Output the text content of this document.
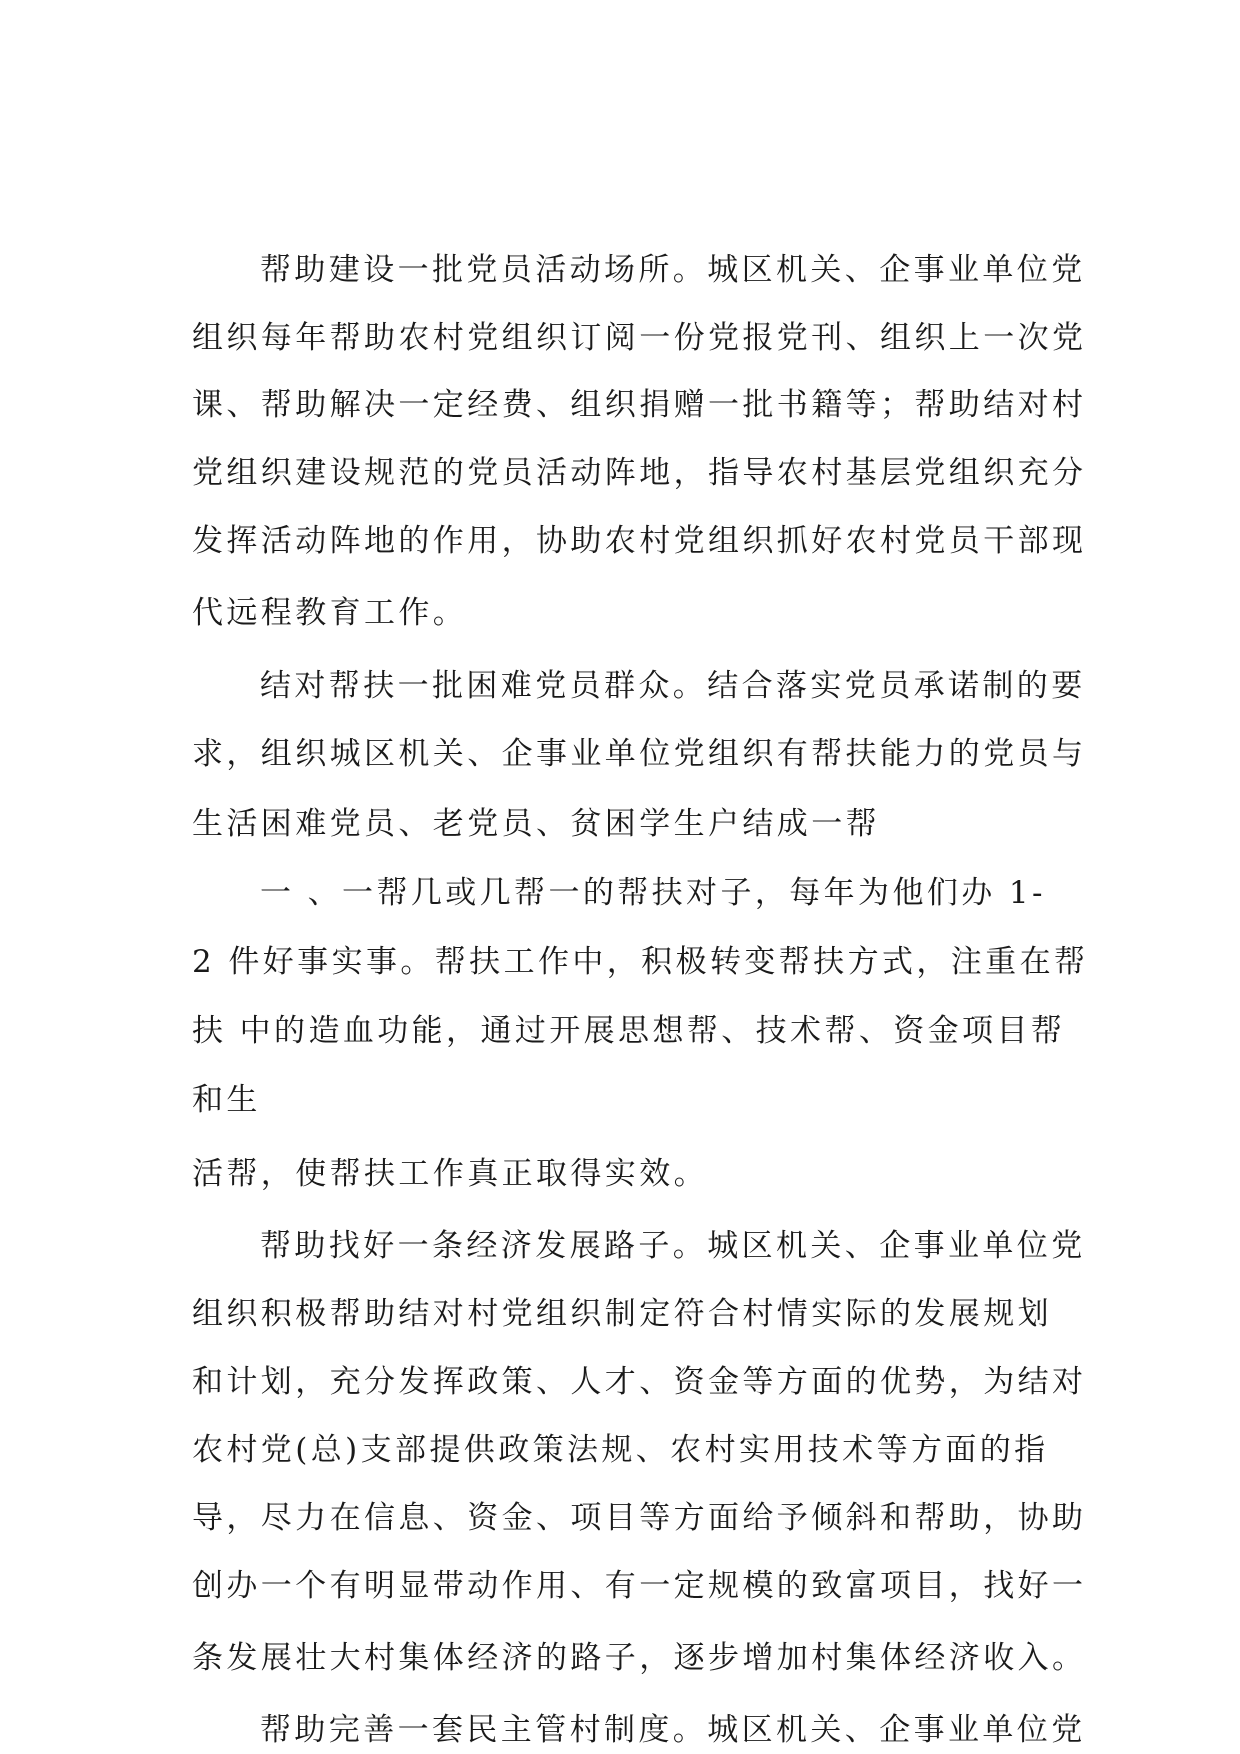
帮助建设一批党员活动场所。城区机关、企事业单位党
组织每年帮助农村党组织订阅一份党报党刊、组织上一次党
课、帮助解决一定经费、组织捐赠一批书籍等；帮助结对村
党组织建设规范的党员活动阵地，指导农村基层党组织充分
发挥活动阵地的作用，协助农村党组织抓好农村党员干部现
代远程教育工作。
结对帮扶一批困难党员群众。结合落实党员承诺制的要
求，组织城区机关、企事业单位党组织有帮扶能力的党员与
生活困难党员、老党员、贫困学生户结成一帮
一 、一帮几或几帮一的帮扶对子，每年为他们办 1-
2 件好事实事。帮扶工作中，积极转变帮扶方式，注重在帮
扶 中的造血功能，通过开展思想帮、技术帮、资金项目帮
和生
活帮，使帮扶工作真正取得实效。
帮助找好一条经济发展路子。城区机关、企事业单位党
组织积极帮助结对村党组织制定符合村情实际的发展规划
和计划，充分发挥政策、人才、资金等方面的优势，为结对
农村党(总)支部提供政策法规、农村实用技术等方面的指
导，尽力在信息、资金、项目等方面给予倾斜和帮助，协助
创办一个有明显带动作用、有一定规模的致富项目，找好一
条发展壮大村集体经济的路子，逐步增加村集体经济收入。
帮助完善一套民主管村制度。城区机关、企事业单位党
